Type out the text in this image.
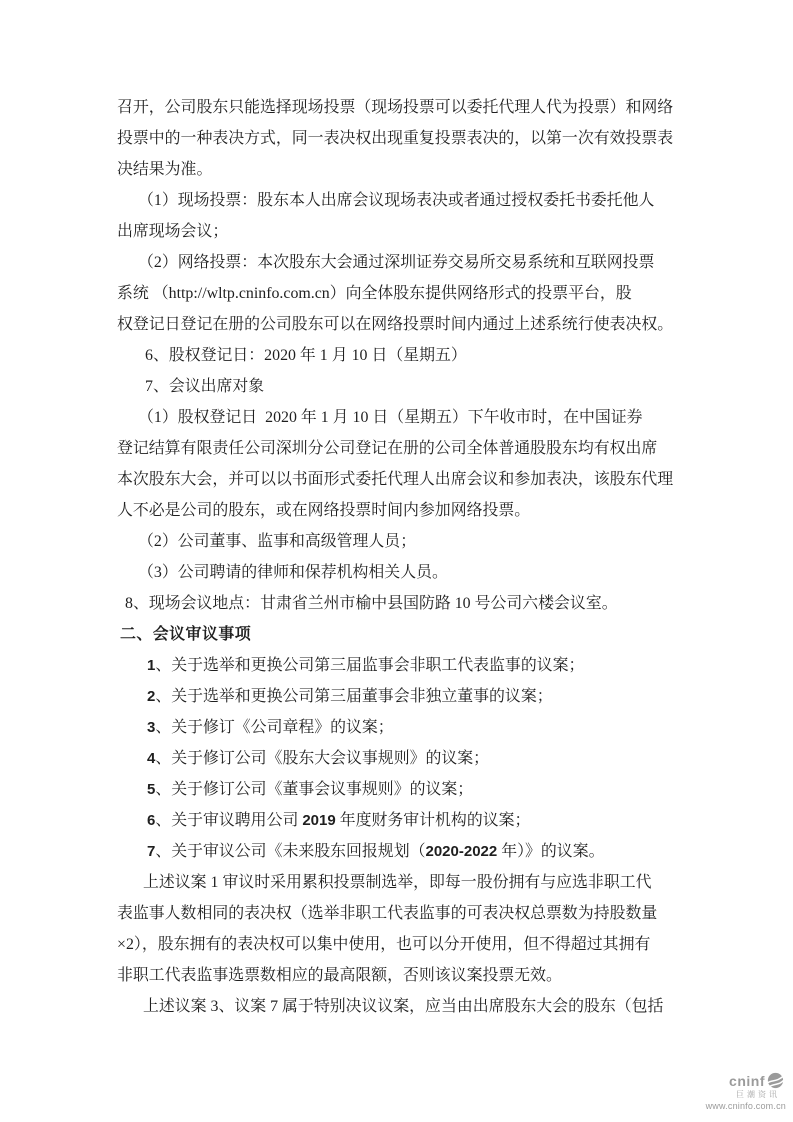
召开，公司股东只能选择现场投票（现场投票可以委托代理人代为投票）和网络
投票中的一种表决方式，同一表决权出现重复投票表决的，以第一次有效投票表
决结果为准。
（1）现场投票：股东本人出席会议现场表决或者通过授权委托书委托他人
出席现场会议；
（2）网络投票：本次股东大会通过深圳证券交易所交易系统和互联网投票
系统 （http://wltp.cninfo.com.cn）向全体股东提供网络形式的投票平台，股
权登记日登记在册的公司股东可以在网络投票时间内通过上述系统行使表决权。
6、股权登记日：2020 年 1 月 10 日（星期五）
7、会议出席对象
（1）股权登记日  2020 年 1 月 10 日（星期五）下午收市时，在中国证券
登记结算有限责任公司深圳分公司登记在册的公司全体普通股股东均有权出席
本次股东大会，并可以以书面形式委托代理人出席会议和参加表决，该股东代理
人不必是公司的股东，或在网络投票时间内参加网络投票。
（2）公司董事、监事和高级管理人员；
（3）公司聘请的律师和保荐机构相关人员。
8、现场会议地点：甘肃省兰州市榆中县国防路 10 号公司六楼会议室。
二、会议审议事项
1、关于选举和更换公司第三届监事会非职工代表监事的议案；
2、关于选举和更换公司第三届董事会非独立董事的议案；
3、关于修订《公司章程》的议案；
4、关于修订公司《股东大会议事规则》的议案；
5、关于修订公司《董事会议事规则》的议案；
6、关于审议聘用公司 2019 年度财务审计机构的议案；
7、关于审议公司《未来股东回报规划（2020-2022 年）》的议案。
上述议案 1 审议时采用累积投票制选举，即每一股份拥有与应选非职工代
表监事人数相同的表决权（选举非职工代表监事的可表决权总票数为持股数量
×2），股东拥有的表决权可以集中使用，也可以分开使用，但不得超过其拥有
非职工代表监事选票数相应的最高限额，否则该议案投票无效。
上述议案 3、议案 7 属于特别决议议案，应当由出席股东大会的股东（包括
cninf
巨潮资讯
www.cninfo.com.cn
